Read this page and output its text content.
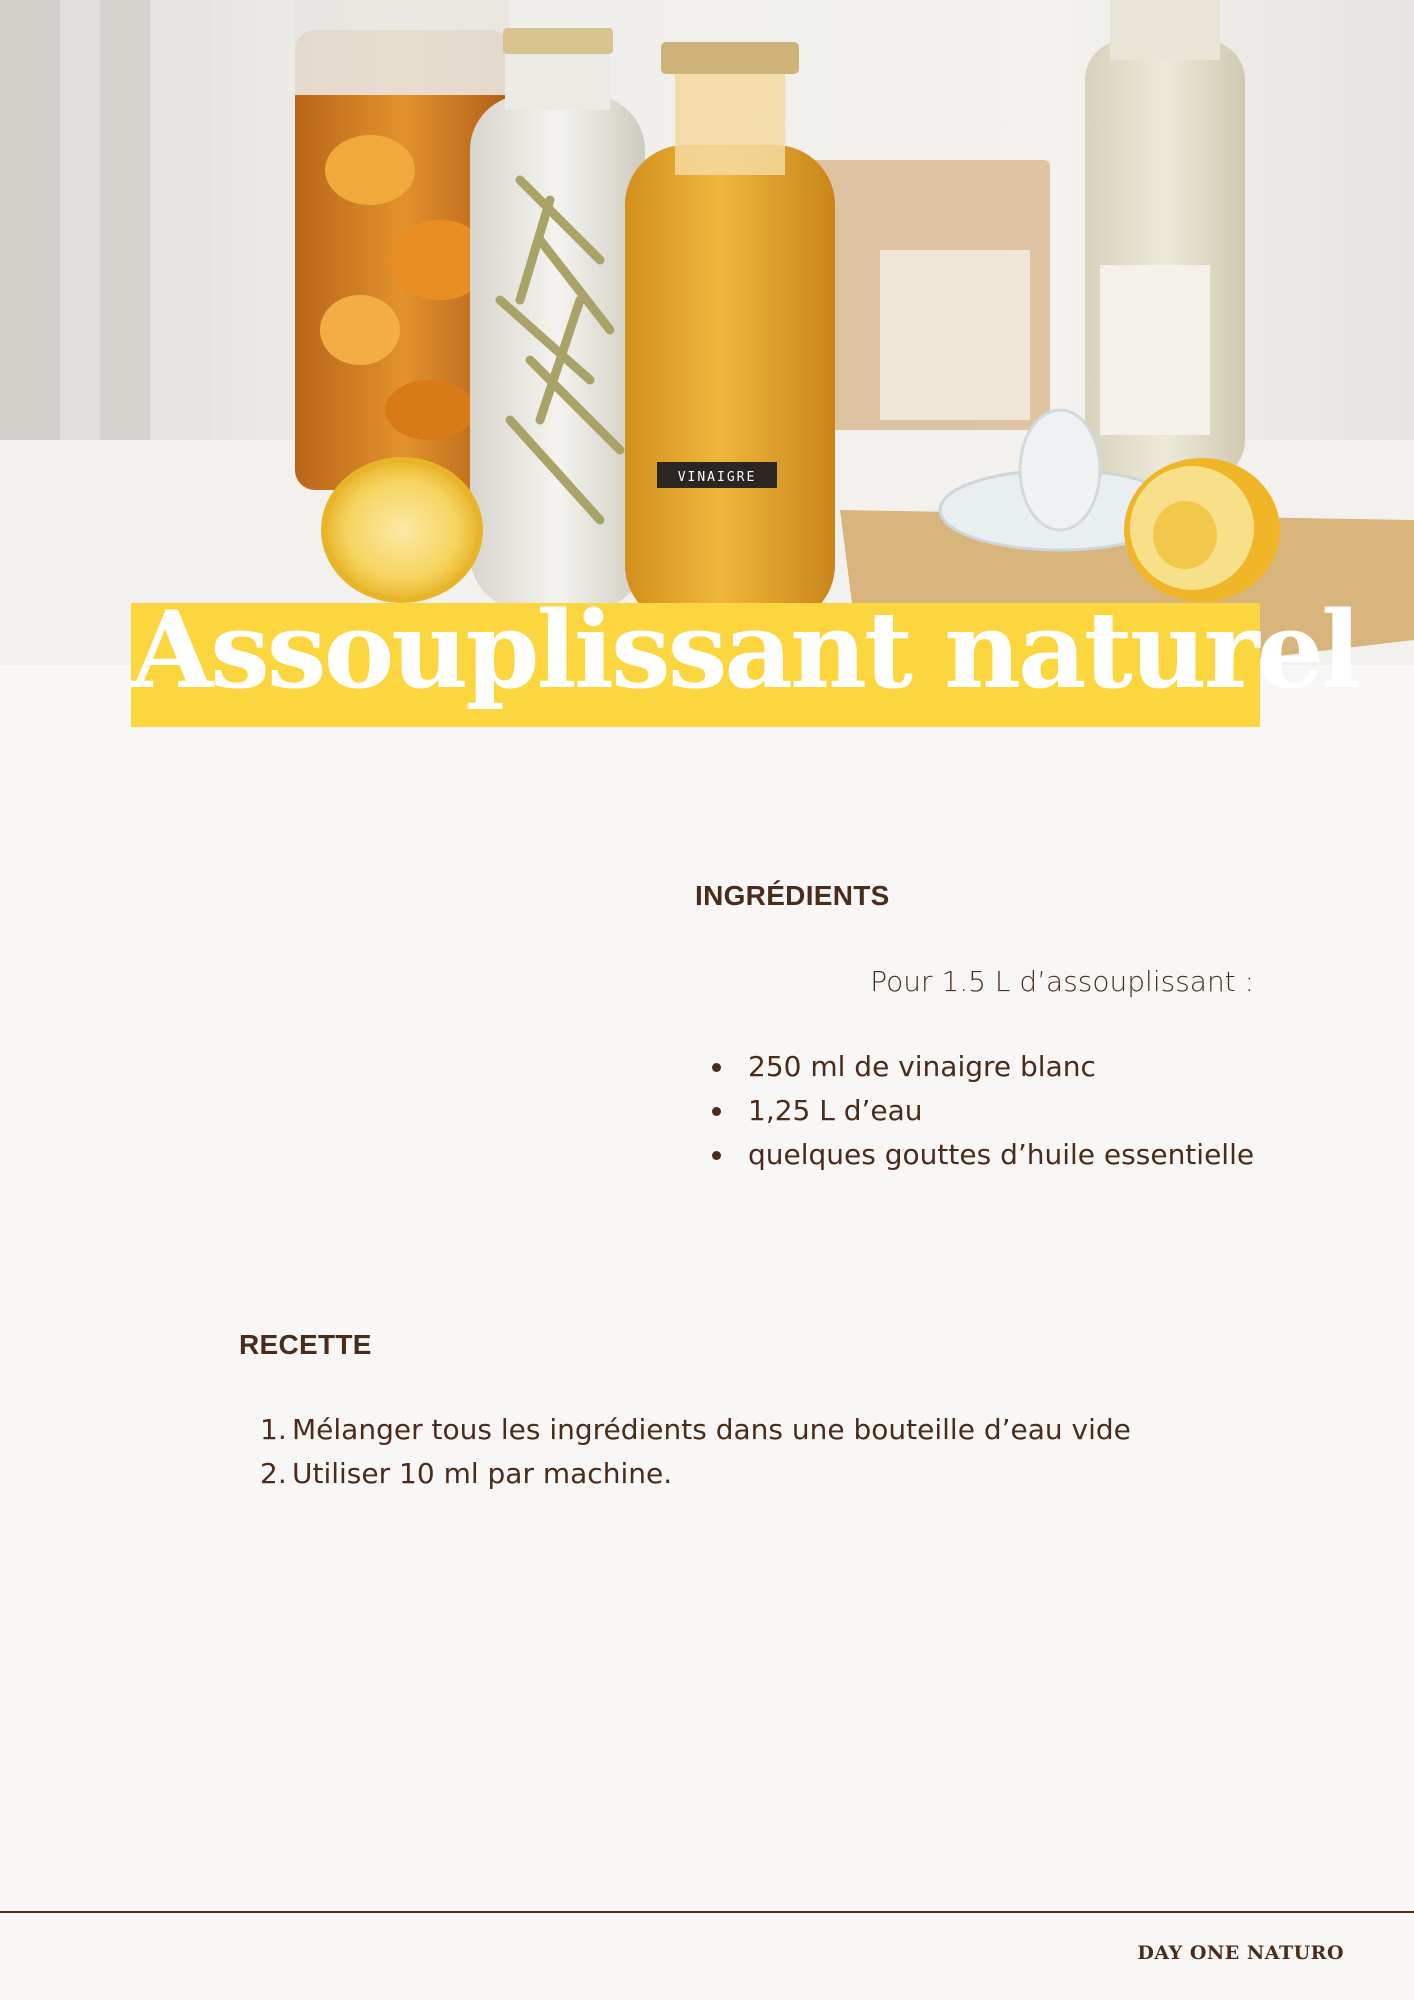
VINAIGRE
Assouplissant naturel
INGRÉDIENTS
Pour 1.5 L d’assouplissant :
250 ml de vinaigre blanc
1,25 L d’eau
quelques gouttes d’huile essentielle
RECETTE
1. Mélanger tous les ingrédients dans une bouteille d’eau vide
2. Utiliser 10 ml par machine.
DAY ONE NATURO
